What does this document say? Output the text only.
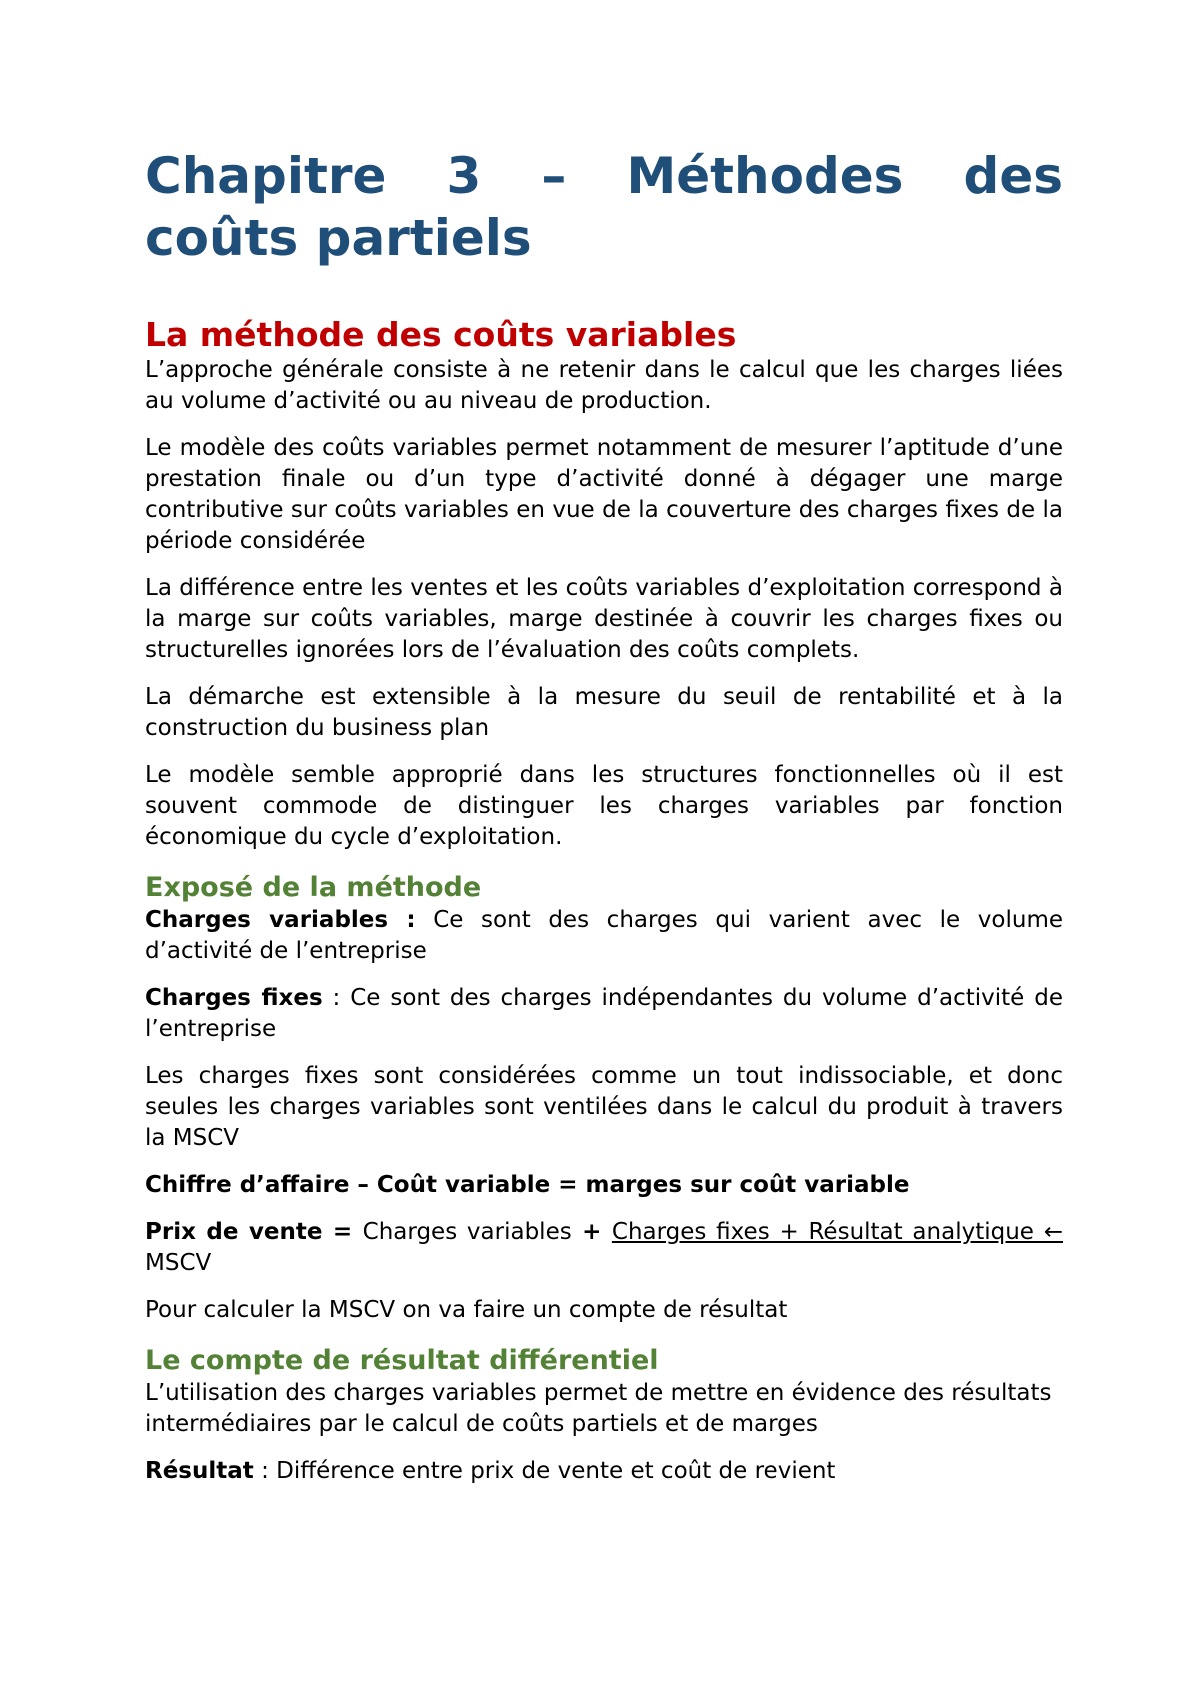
Chapitre 3 – Méthodes des
coûts partiels
La méthode des coûts variables

L’approche générale consiste à ne retenir dans le calcul que les charges liées au volume d’activité ou au niveau de production.

Le modèle des coûts variables permet notamment de mesurer l’aptitude d’une prestation finale ou d’un type d’activité donné à dégager une marge contributive sur coûts variables en vue de la couverture des charges fixes de la période considérée

La différence entre les ventes et les coûts variables d’exploitation correspond à la marge sur coûts variables, marge destinée à couvrir les charges fixes ou structurelles ignorées lors de l’évaluation des coûts complets.

La démarche est extensible à la mesure du seuil de rentabilité et à la construction du business plan

Le modèle semble approprié dans les structures fonctionnelles où il est souvent commode de distinguer les charges variables par fonction économique du cycle d’exploitation.

Exposé de la méthode

Charges variables : Ce sont des charges qui varient avec le volume d’activité de l’entreprise

Charges fixes : Ce sont des charges indépendantes du volume d’activité de l’entreprise

Les charges fixes sont considérées comme un tout indissociable, et donc seules les charges variables sont ventilées dans le calcul du produit à travers la MSCV

Chiffre d’affaire – Coût variable = marges sur coût variable

Prix de vente = Charges variables + Charges fixes + Résultat analytique ← MSCV

Pour calculer la MSCV on va faire un compte de résultat

Le compte de résultat différentiel

L’utilisation des charges variables permet de mettre en évidence des résultats intermédiaires par le calcul de coûts partiels et de marges

Résultat : Différence entre prix de vente et coût de revient
